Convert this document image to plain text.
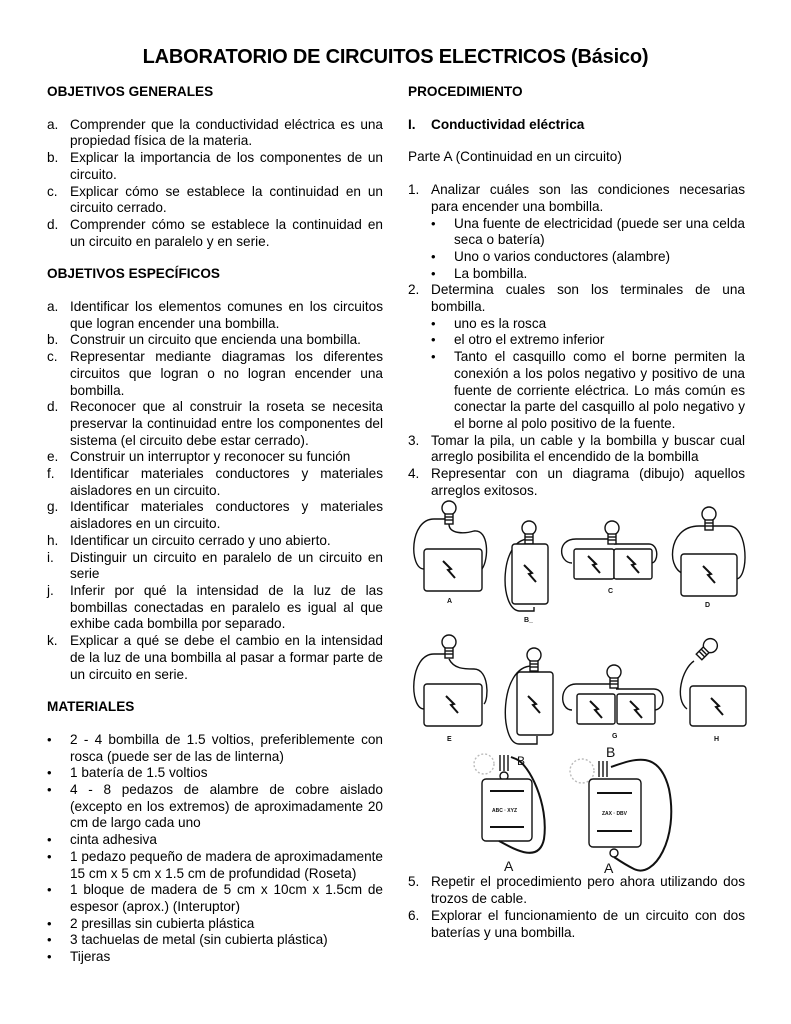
LABORATORIO DE CIRCUITOS ELECTRICOS (Básico)
OBJETIVOS GENERALES
a. Comprender que la conductividad eléctrica es una propiedad física de la materia.
b. Explicar la importancia de los componentes de un circuito.
c. Explicar cómo se establece la continuidad en un circuito cerrado.
d. Comprender cómo se establece la continuidad en un circuito en paralelo y en serie.
OBJETIVOS ESPECÍFICOS
a. Identificar los elementos comunes en los circuitos que logran encender una bombilla.
b. Construir un circuito que encienda una bombilla.
c. Representar mediante diagramas los diferentes circuitos que logran o no logran encender una bombilla.
d. Reconocer que al construir la roseta se necesita preservar la continuidad entre los componentes del sistema (el circuito debe estar cerrado).
e. Construir un interruptor y reconocer su función
f. Identificar materiales conductores y materiales aisladores en un circuito.
g. Identificar materiales conductores y materiales aisladores en un circuito.
h. Identificar un circuito cerrado y uno abierto.
i. Distinguir un circuito en paralelo de un circuito en serie
j. Inferir por qué la intensidad de la luz de las bombillas conectadas en paralelo es igual al que exhibe cada bombilla por separado.
k. Explicar a qué se debe el cambio en la intensidad de la luz de una bombilla al pasar a formar parte de un circuito en serie.
MATERIALES
• 2 - 4 bombilla de 1.5 voltios, preferiblemente con rosca (puede ser de las de linterna)
• 1 batería de 1.5 voltios
• 4 - 8 pedazos de alambre de cobre aislado (excepto en los extremos) de aproximadamente 20 cm de largo cada uno
• cinta adhesiva
• 1 pedazo pequeño de madera de aproximadamente 15 cm x 5 cm x 1.5 cm de profundidad (Roseta)
• 1 bloque de madera de 5 cm x 10cm x 1.5cm de espesor (aprox.) (Interuptor)
• 2 presillas sin cubierta plástica
• 3 tachuelas de metal (sin cubierta plástica)
• Tijeras
PROCEDIMIENTO
I.	Conductividad eléctrica
Parte A (Continuidad en un circuito)
1. Analizar cuáles son las condiciones necesarias para encender una bombilla.
• Una fuente de electricidad (puede ser una celda seca o batería)
• Uno o varios conductores (alambre)
• La bombilla.
2. Determina cuales son los terminales de una bombilla.
• uno es la rosca
• el otro el extremo inferior
• Tanto el casquillo como el borne permiten la conexión a los polos negativo y positivo de una fuente de corriente eléctrica. Lo más común es conectar la parte del casquillo al polo negativo y el borne al polo positivo de la fuente.
3. Tomar la pila, un cable y la bombilla y buscar cual arreglo posibilita el encendido de la bombilla
4. Representar con un diagrama (dibujo) aquellos arreglos exitosos.
A
B_
C
D
E	G	H
ABC · XYZ
B
A
ZAX · DBV
B
A
5. Repetir el procedimiento pero ahora utilizando dos trozos de cable.
6. Explorar el funcionamiento de un circuito con dos baterías y una bombilla.
